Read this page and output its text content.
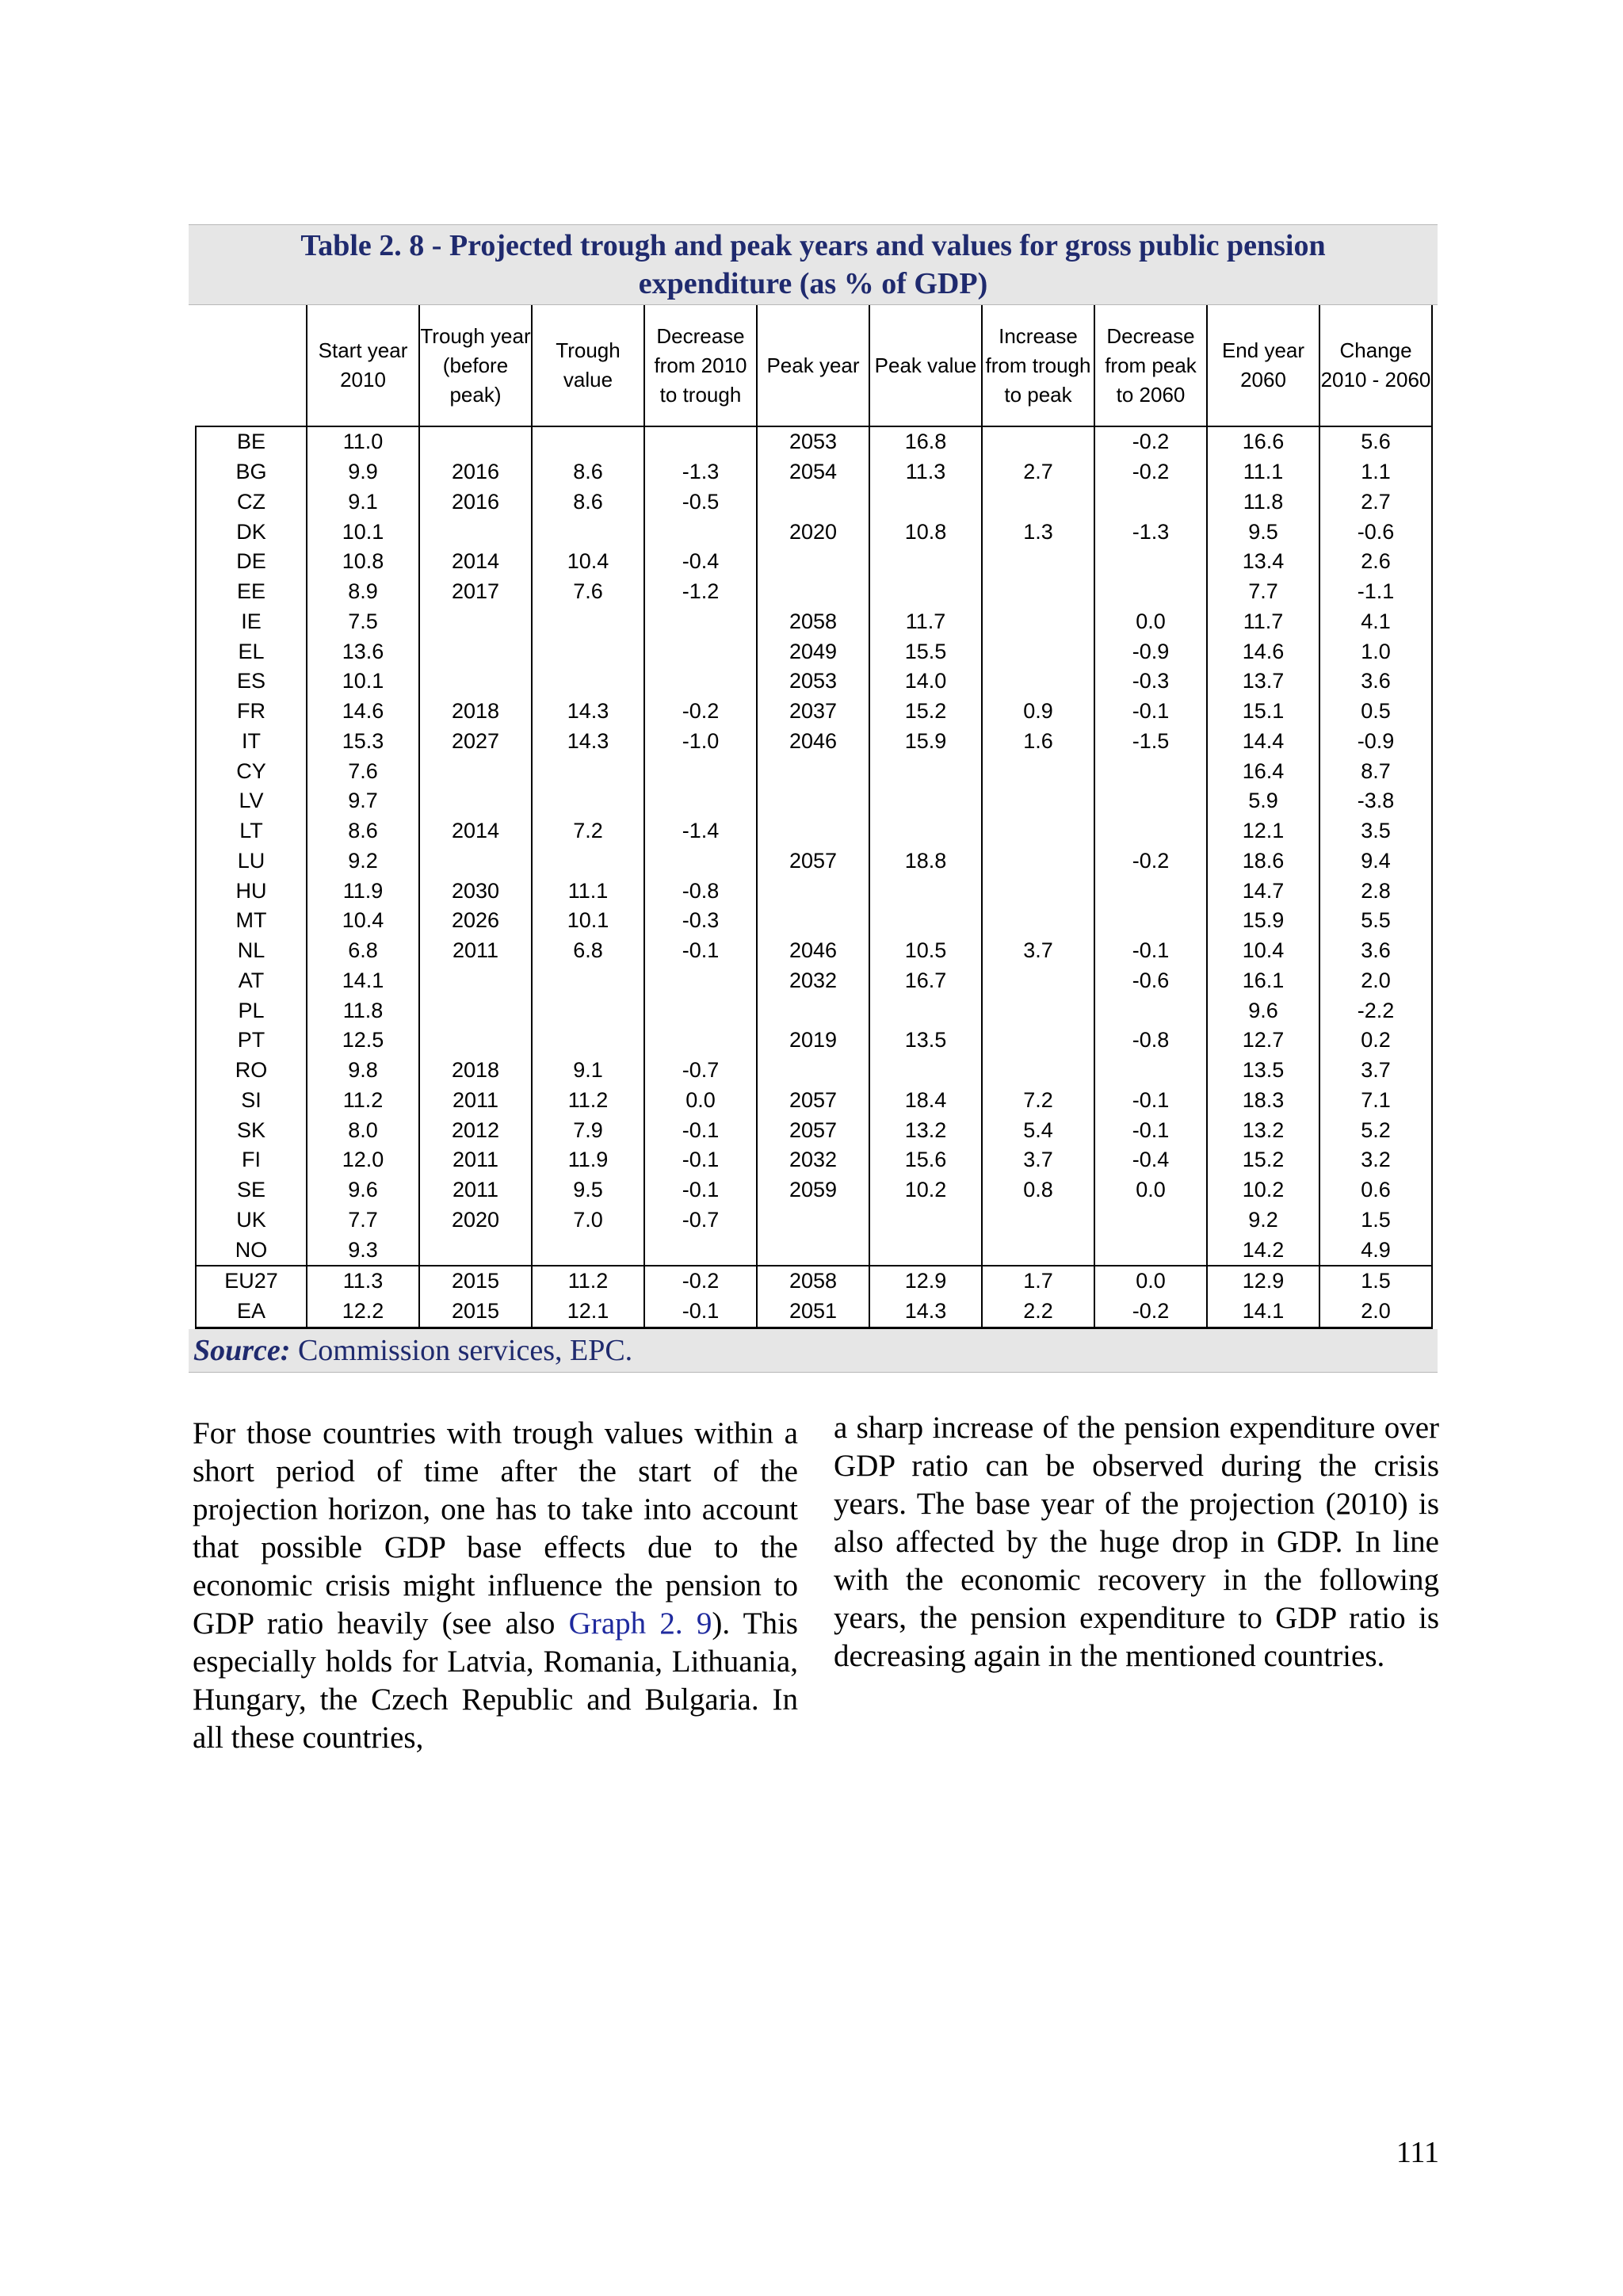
Table 2. 8 - Projected trough and peak years and values for gross public pension expenditure (as % of GDP)
	Start year 2010	Trough year (before peak)	Trough value	Decrease from 2010 to trough	Peak year	Peak value	Increase from trough to peak	Decrease from peak to 2060	End year 2060	Change 2010 - 2060
BE	11.0				2053	16.8		-0.2	16.6	5.6
BG	9.9	2016	8.6	-1.3	2054	11.3	2.7	-0.2	11.1	1.1
CZ	9.1	2016	8.6	-0.5					11.8	2.7
DK	10.1				2020	10.8	1.3	-1.3	9.5	-0.6
DE	10.8	2014	10.4	-0.4					13.4	2.6
EE	8.9	2017	7.6	-1.2					7.7	-1.1
IE	7.5				2058	11.7		0.0	11.7	4.1
EL	13.6				2049	15.5		-0.9	14.6	1.0
ES	10.1				2053	14.0		-0.3	13.7	3.6
FR	14.6	2018	14.3	-0.2	2037	15.2	0.9	-0.1	15.1	0.5
IT	15.3	2027	14.3	-1.0	2046	15.9	1.6	-1.5	14.4	-0.9
CY	7.6								16.4	8.7
LV	9.7								5.9	-3.8
LT	8.6	2014	7.2	-1.4					12.1	3.5
LU	9.2				2057	18.8		-0.2	18.6	9.4
HU	11.9	2030	11.1	-0.8					14.7	2.8
MT	10.4	2026	10.1	-0.3					15.9	5.5
NL	6.8	2011	6.8	-0.1	2046	10.5	3.7	-0.1	10.4	3.6
AT	14.1				2032	16.7		-0.6	16.1	2.0
PL	11.8								9.6	-2.2
PT	12.5				2019	13.5		-0.8	12.7	0.2
RO	9.8	2018	9.1	-0.7					13.5	3.7
SI	11.2	2011	11.2	0.0	2057	18.4	7.2	-0.1	18.3	7.1
SK	8.0	2012	7.9	-0.1	2057	13.2	5.4	-0.1	13.2	5.2
FI	12.0	2011	11.9	-0.1	2032	15.6	3.7	-0.4	15.2	3.2
SE	9.6	2011	9.5	-0.1	2059	10.2	0.8	0.0	10.2	0.6
UK	7.7	2020	7.0	-0.7					9.2	1.5
NO	9.3								14.2	4.9
EU27	11.3	2015	11.2	-0.2	2058	12.9	1.7	0.0	12.9	1.5
EA	12.2	2015	12.1	-0.1	2051	14.3	2.2	-0.2	14.1	2.0
Source: Commission services, EPC.

For those countries with trough values within a short period of time after the start of the projection horizon, one has to take into account that possible GDP base effects due to the economic crisis might influence the pension to GDP ratio heavily (see also Graph 2. 9). This especially holds for Latvia, Romania, Lithuania, Hungary, the Czech Republic and Bulgaria. In all these countries,

a sharp increase of the pension expenditure over GDP ratio can be observed during the crisis years. The base year of the projection (2010) is also affected by the huge drop in GDP. In line with the economic recovery in the following years, the pension expenditure to GDP ratio is decreasing again in the mentioned countries.

111
